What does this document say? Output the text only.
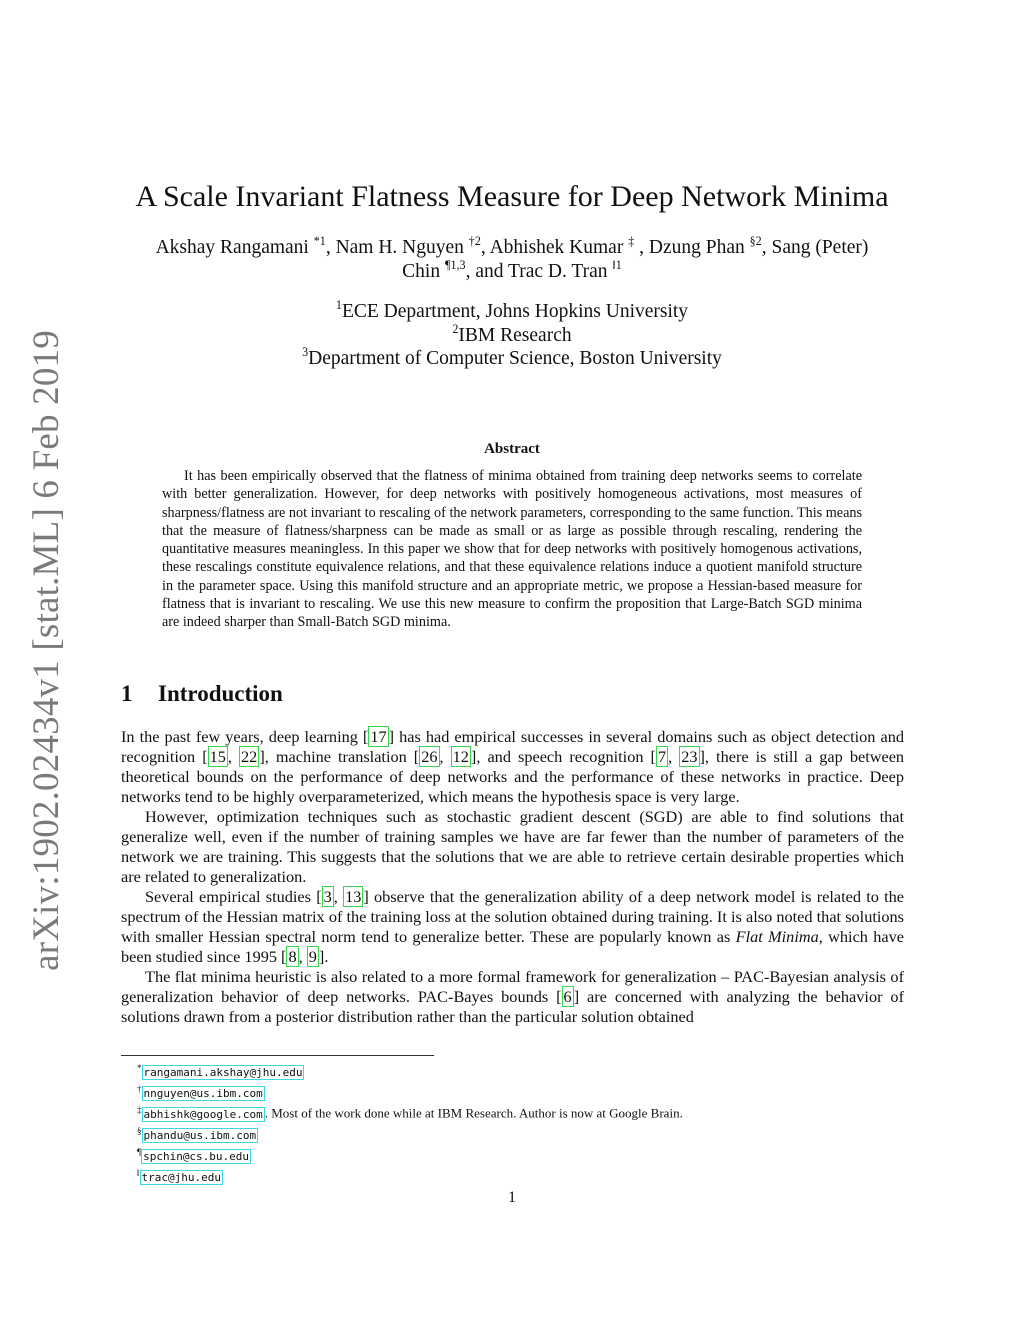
arXiv:1902.02434v1 [stat.ML] 6 Feb 2019
A Scale Invariant Flatness Measure for Deep Network Minima
Akshay Rangamani $^{*1}$, Nam H. Nguyen $^{\dagger 2}$, Abhishek Kumar ‡ , Dzung Phan $^{\S 2}$, Sang (Peter) Chin $^{\P 1,3}$, and Trac D. Tran $^{‖1}$
$^1$ECE Department, Johns Hopkins University
$^2$IBM Research
$^3$Department of Computer Science, Boston University
Abstract
It has been empirically observed that the flatness of minima obtained from training deep networks seems to correlate with better generalization. However, for deep networks with positively homogeneous activations, most measures of sharpness/flatness are not invariant to rescaling of the network parameters, corresponding to the same function. This means that the measure of flatness/sharpness can be made as small or as large as possible through rescaling, rendering the quantitative measures meaningless. In this paper we show that for deep networks with positively homogenous activations, these rescalings constitute equivalence relations, and that these equivalence relations induce a quotient manifold structure in the parameter space. Using this manifold structure and an appropriate metric, we propose a Hessian-based measure for flatness that is invariant to rescaling. We use this new measure to confirm the proposition that Large-Batch SGD minima are indeed sharper than Small-Batch SGD minima.
1 Introduction

In the past few years, deep learning [ 17 ] has had empirical successes in several domains such as object detection and recognition [ 15 , 22 ], machine translation [ 26 , 12 ], and speech recognition [ 7 , 23 ], there is still a gap between theoretical bounds on the performance of deep networks and the performance of these networks in practice. Deep networks tend to be highly overparameterized, which means the hypothesis space is very large.

However, optimization techniques such as stochastic gradient descent (SGD) are able to find solutions that generalize well, even if the number of training samples we have are far fewer than the number of parameters of the network we are training. This suggests that the solutions that we are able to retrieve certain desirable properties which are related to generalization.

Several empirical studies [ 3 , 13 ] observe that the generalization ability of a deep network model is related to the spectrum of the Hessian matrix of the training loss at the solution obtained during training. It is also noted that solutions with smaller Hessian spectral norm tend to generalize better. These are popularly known as Flat Minima, which have been studied since 1995 [ 8 , 9 ].

The flat minima heuristic is also related to a more formal framework for generalization – PAC-Bayesian analysis of generalization behavior of deep networks. PAC-Bayes bounds [ 6 ] are concerned with analyzing the behavior of solutions drawn from a posterior distribution rather than the particular solution obtained

* rangamani.akshay@jhu.edu
† nnguyen@us.ibm.com
‡ abhishk@google.com . Most of the work done while at IBM Research. Author is now at Google Brain.
§ phandu@us.ibm.com
¶ spchin@cs.bu.edu
‖ trac@jhu.edu
1
